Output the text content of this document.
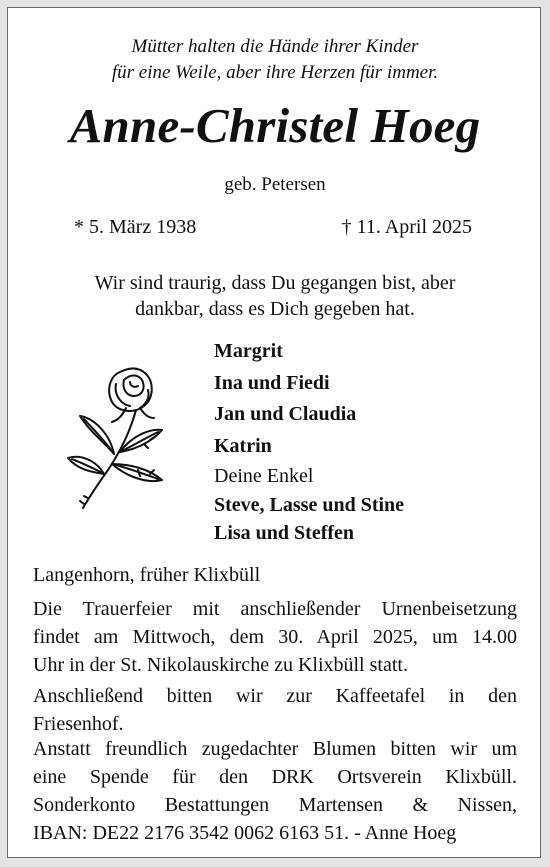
Mütter halten die Hände ihrer Kinder
für eine Weile, aber ihre Herzen für immer.
Anne-Christel Hoeg
geb. Petersen
* 5. März 1938	† 11. April 2025
Wir sind traurig, dass Du gegangen bist, aber
dankbar, dass es Dich gegeben hat.
Margrit
Ina und Fiedi
Jan und Claudia
Katrin
Deine Enkel
Steve, Lasse und Stine
Lisa und Steffen
Langenhorn, früher Klixbüll
Die Trauerfeier mit anschließender Urnenbeisetzung
findet am Mittwoch, dem 30. April 2025, um 14.00
Uhr in der St. Nikolauskirche zu Klixbüll statt.
Anschließend bitten wir zur Kaffeetafel in den
Friesenhof.
Anstatt freundlich zugedachter Blumen bitten wir um
eine Spende für den DRK Ortsverein Klixbüll.
Sonderkonto Bestattungen Martensen & Nissen,
IBAN: DE22 2176 3542 0062 6163 51. - Anne Hoeg
